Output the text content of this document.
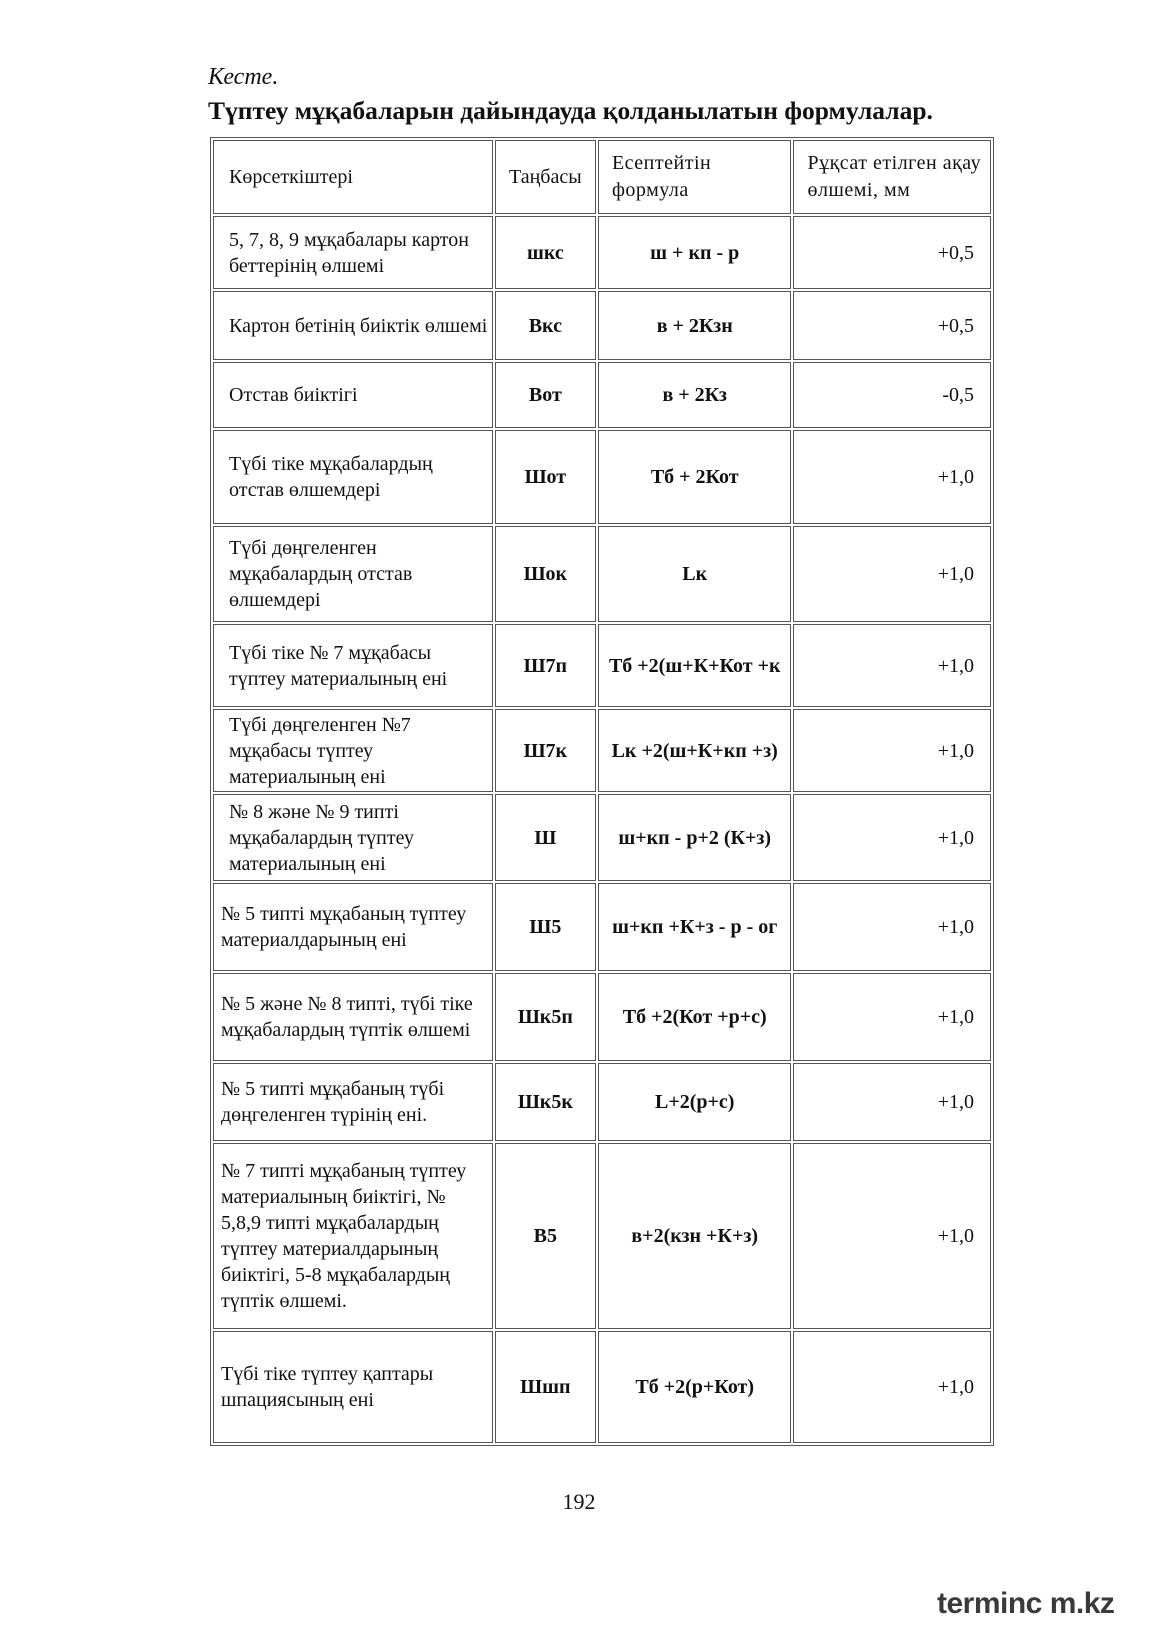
Кесте.
Түптеу мұқабаларын дайындауда қолданылатын формулалар.
Көрсеткіштері	Таңбасы	Есептейтін формула	Рұқсат етілген ақау өлшемі, мм
5, 7, 8, 9 мұқабалары картон беттерінің өлшемі	шкс	ш + кп - р	+0,5
Картон бетінің биіктік өлшемі	Вкс	в + 2Кзн	+0,5
Отстав биіктігі	Вот	в + 2Кз	-0,5
Түбі тіке мұқабалардың отстав өлшемдері	Шот	Тб + 2Кот	+1,0
Түбі дөңгеленген мұқабалардың отстав өлшемдері	Шок	Lк	+1,0
Түбі тіке № 7 мұқабасы түптеу материалының ені	Ш7п	Тб +2(ш+К+Кот +к	+1,0
Түбі дөңгеленген №7 мұқабасы түптеу материалының ені	Ш7к	Lк +2(ш+К+кп +з)	+1,0
№ 8 және № 9 типті мұқабалардың түптеу материалының ені	Ш	ш+кп - р+2 (К+з)	+1,0
№ 5 типті мұқабаның түптеу материалдарының ені	Ш5	ш+кп +К+з - р - ог	+1,0
№ 5 және № 8 типті, түбі тіке мұқабалардың түптік өлшемі	Шк5п	Тб +2(Кот +р+с)	+1,0
№ 5 типті мұқабаның түбі дөңгеленген түрінің ені.	Шк5к	L+2(р+с)	+1,0
№ 7 типті мұқабаның түптеу материалының биіктігі, № 5,8,9 типті мұқабалардың түптеу материалдарының биіктігі, 5-8 мұқабалардың түптік өлшемі.	В5	в+2(кзн +К+з)	+1,0
Түбі тіке түптеу қаптары шпациясының ені	Шшп	Тб +2(р+Кот)	+1,0
192
terminc m.kz
